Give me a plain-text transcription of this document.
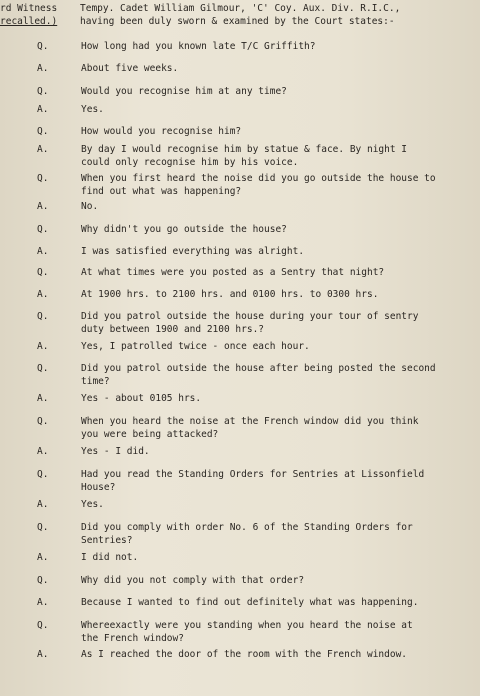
rd Witness
recalled.)
Tempy. Cadet William Gilmour, 'C' Coy. Aux. Div. R.I.C.,
having been duly sworn & examined by the Court states:-
Q.	How long had you known late T/C Griffith?
A.	About five weeks.
Q.	Would you recognise him at any time?
A.	Yes.
Q.	How would you recognise him?
A.	By day I would recognise him by statue & face. By night I
could only recognise him by his voice.
Q.	When you first heard the noise did you go outside the house to
find out what was happening?
A.	No.
Q.	Why didn't you go outside the house?
A.	I was satisfied everything was alright.
Q.	At what times were you posted as a Sentry that night?
A.	At 1900 hrs. to 2100 hrs. and 0100 hrs. to 0300 hrs.
Q.	Did you patrol outside the house during your tour of sentry
duty between 1900 and 2100 hrs.?
A.	Yes, I patrolled twice - once each hour.
Q.	Did you patrol outside the house after being posted the second
time?
A.	Yes - about 0105 hrs.
Q.	When you heard the noise at the French window did you think
you were being attacked?
A.	Yes - I did.
Q.	Had you read the Standing Orders for Sentries at Lissonfield
House?
A.	Yes.
Q.	Did you comply with order No. 6 of the Standing Orders for
Sentries?
A.	I did not.
Q.	Why did you not comply with that order?
A.	Because I wanted to find out definitely what was happening.
Q.	Whereexactly were you standing when you heard the noise at
the French window?
A.	As I reached the door of the room with the French window.
